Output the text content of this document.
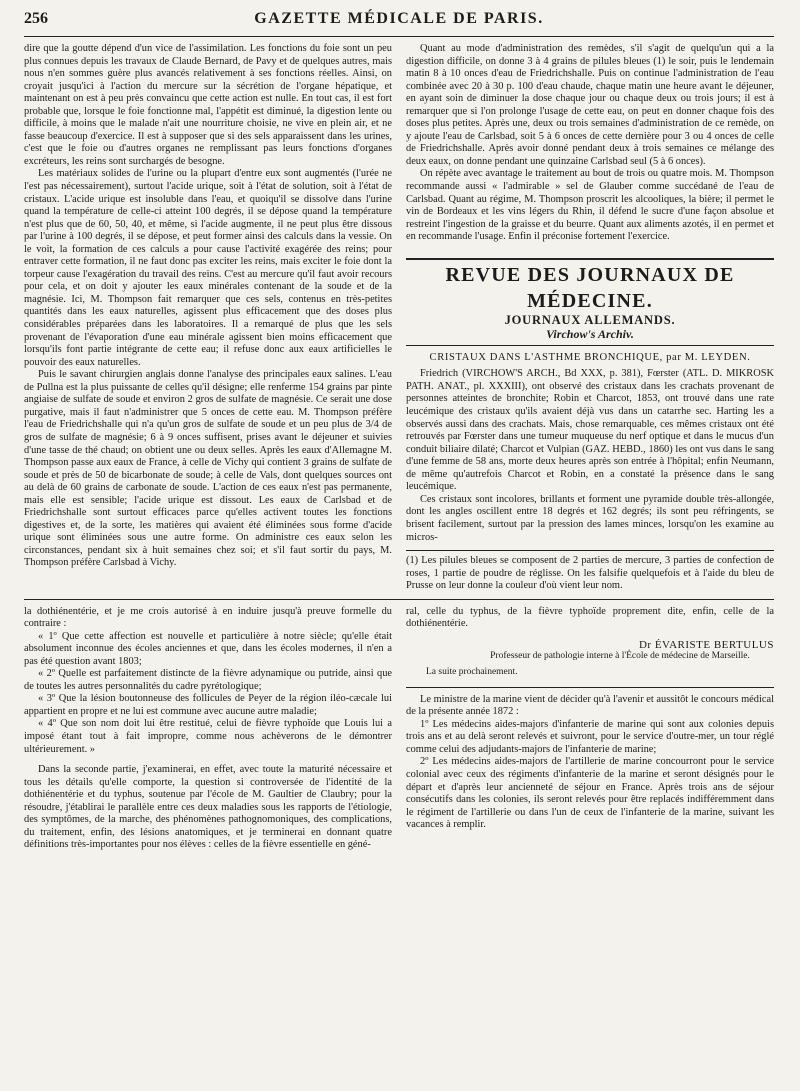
256	GAZETTE MÉDICALE DE PARIS.

dire que la goutte dépend d'un vice de l'assimilation. Les fonctions du foie sont un peu plus connues depuis les travaux de Claude Bernard, de Pavy et de quelques autres, mais nous n'en sommes guère plus avancés relativement à ses fonctions réelles. Ainsi, on croyait jusqu'ici à l'action du mercure sur la sécrétion de l'organe hépatique, et maintenant on est à peu près convaincu que cette action est nulle. En tout cas, il est fort probable que, lorsque le foie fonctionne mal, l'appétit est diminué, la digestion lente ou difficile, à moins que le malade n'ait une nourriture choisie, ne vive en plein air, et ne fasse beaucoup d'exercice. Il est à supposer que si des sels apparaissent dans les urines, c'est que le foie ou d'autres organes ne remplissant pas leurs fonctions d'organes excréteurs, les reins sont surchargés de besogne.

Les matériaux solides de l'urine ou la plupart d'entre eux sont augmentés (l'urée ne l'est pas nécessairement), surtout l'acide urique, soit à l'état de solution, soit à l'état de cristaux. L'acide urique est insoluble dans l'eau, et quoiqu'il se dissolve dans l'urine quand la température de celle-ci atteint 100 degrés, il se dépose quand la température n'est plus que de 60, 50, 40, et même, si l'acide augmente, il ne peut plus être dissous par l'urine à 100 degrés, il se dépose, et peut former ainsi des calculs dans la vessie. On le voit, la formation de ces calculs a pour cause l'activité exagérée des reins; pour entraver cette formation, il ne faut donc pas exciter les reins, mais exciter le foie dont la torpeur cause l'exagération du travail des reins. C'est au mercure qu'il faut avoir recours pour cela, et on doit y ajouter les eaux minérales contenant de la soude et de la magnésie. Ici, M. Thompson fait remarquer que ces sels, contenus en très-petites quantités dans les eaux naturelles, agissent plus efficacement que des doses plus considérables préparées dans les laboratoires. Il a remarqué de plus que les sels provenant de l'évaporation d'une eau minérale agissent bien moins efficacement que lorsqu'ils font partie intégrante de cette eau; il refuse donc aux eaux artificielles le pouvoir des eaux naturelles.

Puis le savant chirurgien anglais donne l'analyse des principales eaux salines. L'eau de Pullna est la plus puissante de celles qu'il désigne; elle renferme 154 grains par pinte angiaise de sulfate de soude et environ 2 gros de sulfate de magnésie. Ce serait une dose purgative, mais il faut n'administrer que 5 onces de cette eau. M. Thompson préfère l'eau de Friedrichshalle qui n'a qu'un gros de sulfate de soude et un peu plus de 3/4 de gros de sulfate de magnésie; 6 à 9 onces suffisent, prises avant le déjeuner et suivies d'une tasse de thé chaud; on obtient une ou deux selles. Après les eaux d'Allemagne M. Thompson passe aux eaux de France, à celle de Vichy qui contient 3 grains de sulfate de soude et près de 50 de bicarbonate de soude; à celle de Vals, dont quelques sources ont au delà de 60 grains de carbonate de soude. L'action de ces eaux n'est pas permanente, mais elle est sensible; l'acide urique est dissout. Les eaux de Carlsbad et de Friedrichshalle sont surtout efficaces parce qu'elles activent toutes les fonctions digestives et, de la sorte, les matières qui avaient été éliminées sous forme d'acide urique sont éliminées sous une autre forme. On administre ces eaux selon les circonstances, pendant six à huit semaines chez soi; et s'il faut sortir du pays, M. Thompson préfère Carlsbad à Vichy.

Quant au mode d'administration des remèdes, s'il s'agit de quelqu'un qui a la digestion difficile, on donne 3 à 4 grains de pilules bleues (1) le soir, puis le lendemain matin 8 à 10 onces d'eau de Friedrichshalle. Puis on continue l'administration de l'eau combinée avec 20 à 30 p. 100 d'eau chaude, chaque matin une heure avant le déjeuner, en ayant soin de diminuer la dose chaque jour ou chaque deux ou trois jours; il est à remarquer que si l'on prolonge l'usage de cette eau, on peut en donner chaque fois des doses plus petites. Après une, deux ou trois semaines d'administration de ce remède, on y ajoute l'eau de Carlsbad, soit 5 à 6 onces de cette dernière pour 3 ou 4 onces de celle de Friedrichshalle. Après avoir donné pendant deux à trois semaines ce mélange des deux eaux, on donne pendant une quinzaine Carlsbad seul (5 à 6 onces).

On répète avec avantage le traitement au bout de trois ou quatre mois. M. Thompson recommande aussi « l'admirable » sel de Glauber comme succédané de l'eau de Carlsbad. Quant au régime, M. Thompson proscrit les alcooliques, la bière; il permet le vin de Bordeaux et les vins légers du Rhin, il défend le sucre d'une façon absolue et restreint l'ingestion de la graisse et du beurre. Quant aux aliments azotés, il en permet et en recommande l'usage. Enfin il préconise fortement l'exercice.

REVUE DES JOURNAUX DE MÉDECINE.
JOURNAUX ALLEMANDS.
Virchow's Archiv.
CRISTAUX DANS L'ASTHME BRONCHIQUE, par M. LEYDEN.

Friedrich (VIRCHOW'S ARCH., Bd XXX, p. 381), Fœrster (ATL. D. MIKROSK PATH. ANAT., pl. XXXIII), ont observé des cristaux dans les crachats provenant de personnes atteintes de bronchite; Robin et Charcot, 1853, ont trouvé dans une rate leucémique des cristaux qu'ils avaient déjà vus dans un catarrhe sec. Harting les a observés aussi dans des crachats. Mais, chose remarquable, ces mêmes cristaux ont été retrouvés par Fœrster dans une tumeur muqueuse du nerf optique et dans le mucus d'un conduit biliaire dilaté; Charcot et Vulpian (GAZ. HEBD., 1860) les ont vus dans le sang d'une femme de 58 ans, morte deux heures après son entrée à l'hôpital; enfin Neumann, de même qu'autrefois Charcot et Robin, en a constaté la présence dans le sang leucémique.

Ces cristaux sont incolores, brillants et forment une pyramide double très-allongée, dont les angles oscillent entre 18 degrés et 162 degrés; ils sont peu réfringents, se brisent facilement, surtout par la pression des lames minces, lorsqu'on les examine au micros-

(1) Les pilules bleues se composent de 2 parties de mercure, 3 parties de confection de roses, 1 partie de poudre de réglisse. On les falsifie quelquefois et à l'aide du bleu de Prusse on leur donne la couleur d'où vient leur nom.

la dothiénentérie, et je me crois autorisé à en induire jusqu'à preuve formelle du contraire :

« 1º Que cette affection est nouvelle et particulière à notre siècle; qu'elle était absolument inconnue des écoles anciennes et que, dans les écoles modernes, il n'en a pas été question avant 1803;

« 2º Quelle est parfaitement distincte de la fièvre adynamique ou putride, ainsi que de toutes les autres personnalités du cadre pyrétologique;

« 3º Que la lésion boutonneuse des follicules de Peyer de la région iléo-cæcale lui appartient en propre et ne lui est commune avec aucune autre maladie;

« 4º Que son nom doit lui être restitué, celui de fièvre typhoïde que Louis lui a imposé étant tout à fait impropre, comme nous achèverons de le démontrer ultérieurement. »

Dans la seconde partie, j'examinerai, en effet, avec toute la maturité nécessaire et tous les détails qu'elle comporte, la question si controversée de l'identité de la dothiénentérie et du typhus, soutenue par l'école de M. Gaultier de Claubry; pour la résoudre, j'établirai le parallèle entre ces deux maladies sous les rapports de l'étiologie, des symptômes, de la marche, des phénomènes pathognomoniques, des complications, du traitement, enfin, des lésions anatomiques, et je terminerai en donnant quatre définitions très-importantes pour nos élèves : celles de la fièvre essentielle en géné-

ral, celle du typhus, de la fièvre typhoïde proprement dite, enfin, celle de la dothiénentérie.

Dr ÉVARISTE BERTULUS
Professeur de pathologie interne à l'École de médecine de Marseille.
La suite prochainement.

Le ministre de la marine vient de décider qu'à l'avenir et aussitôt le concours médical de la présente année 1872 :

1º Les médecins aides-majors d'infanterie de marine qui sont aux colonies depuis trois ans et au delà seront relevés et suivront, pour le service d'outre-mer, un tour réglé comme celui des adjudants-majors de l'infanterie de marine;

2º Les médecins aides-majors de l'artillerie de marine concourront pour le service colonial avec ceux des régiments d'infanterie de la marine et seront désignés pour le départ et d'après leur ancienneté de séjour en France. Après trois ans de séjour consécutifs dans les colonies, ils seront relevés pour être replacés indifféremment dans le régiment de l'artillerie ou dans l'un de ceux de l'infanterie de la marine, suivant les vacances à remplir.
